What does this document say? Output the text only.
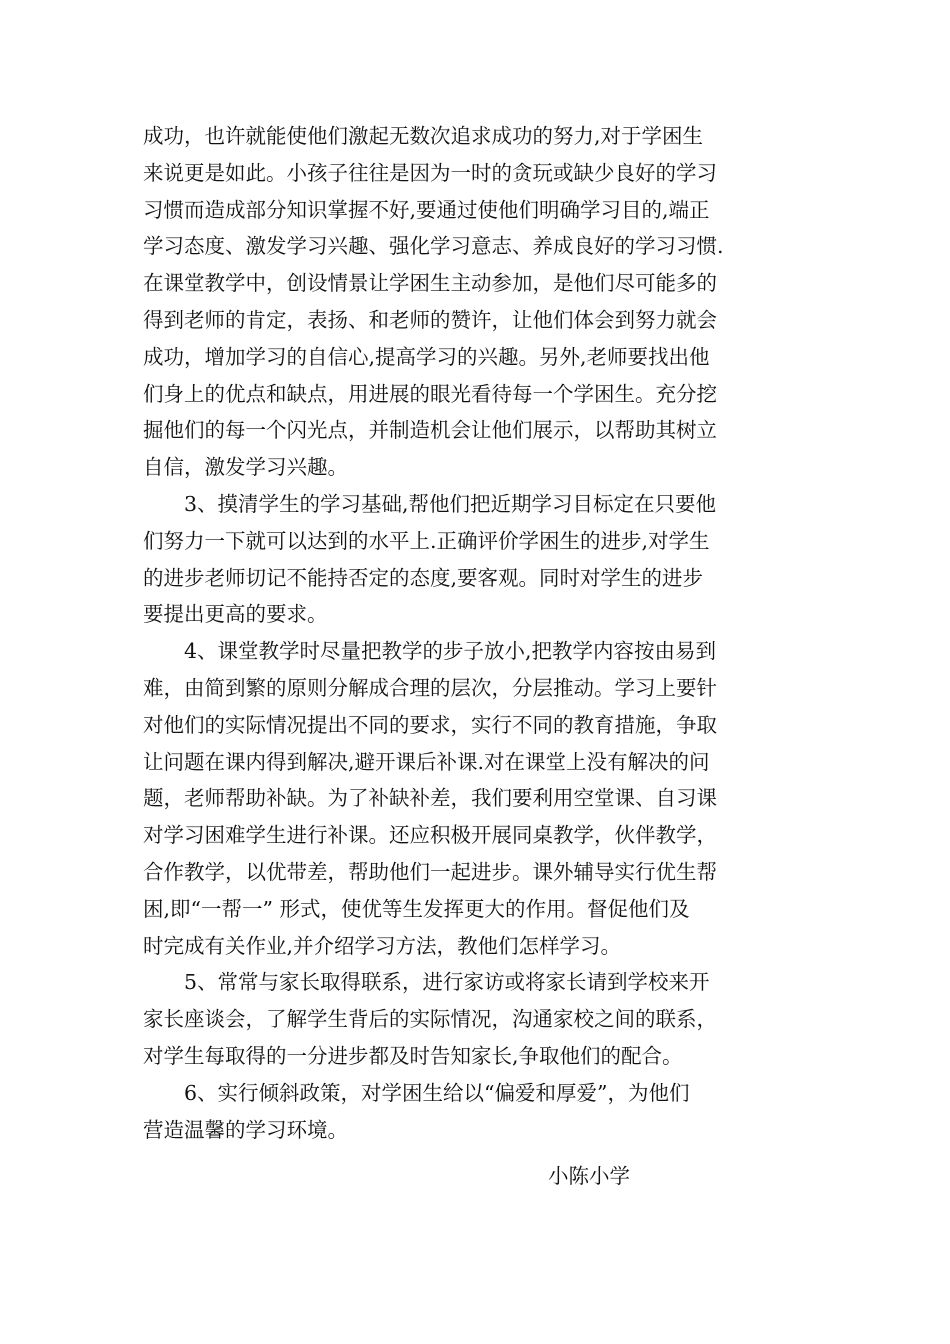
成功，也许就能使他们激起无数次追求成功的努力,对于学困生
来说更是如此。小孩子往往是因为一时的贪玩或缺少良好的学习
习惯而造成部分知识掌握不好,要通过使他们明确学习目的,端正
学习态度、激发学习兴趣、强化学习意志、养成良好的学习习惯.
在课堂教学中，创设情景让学困生主动参加，是他们尽可能多的
得到老师的肯定，表扬、和老师的赞许，让他们体会到努力就会
成功，增加学习的自信心,提高学习的兴趣。另外,老师要找出他
们身上的优点和缺点，用进展的眼光看待每一个学困生。充分挖
掘他们的每一个闪光点，并制造机会让他们展示，以帮助其树立
自信，激发学习兴趣。
　　3、摸清学生的学习基础,帮他们把近期学习目标定在只要他
们努力一下就可以达到的水平上.正确评价学困生的进步,对学生
的进步老师切记不能持否定的态度,要客观。同时对学生的进步
要提出更高的要求。
　　4、课堂教学时尽量把教学的步子放小,把教学内容按由易到
难，由简到繁的原则分解成合理的层次，分层推动。学习上要针
对他们的实际情况提出不同的要求，实行不同的教育措施，争取
让问题在课内得到解决,避开课后补课.对在课堂上没有解决的问
题，老师帮助补缺。为了补缺补差，我们要利用空堂课、自习课
对学习困难学生进行补课。还应积极开展同桌教学，伙伴教学，
合作教学，以优带差，帮助他们一起进步。课外辅导实行优生帮
困,即“一帮一” 形式，使优等生发挥更大的作用。督促他们及
时完成有关作业,并介绍学习方法，教他们怎样学习。
　　5、常常与家长取得联系，进行家访或将家长请到学校来开
家长座谈会，了解学生背后的实际情况，沟通家校之间的联系，
对学生每取得的一分进步都及时告知家长,争取他们的配合。
　　6、实行倾斜政策，对学困生给以“偏爱和厚爱”，为他们
营造温馨的学习环境。
小陈小学
